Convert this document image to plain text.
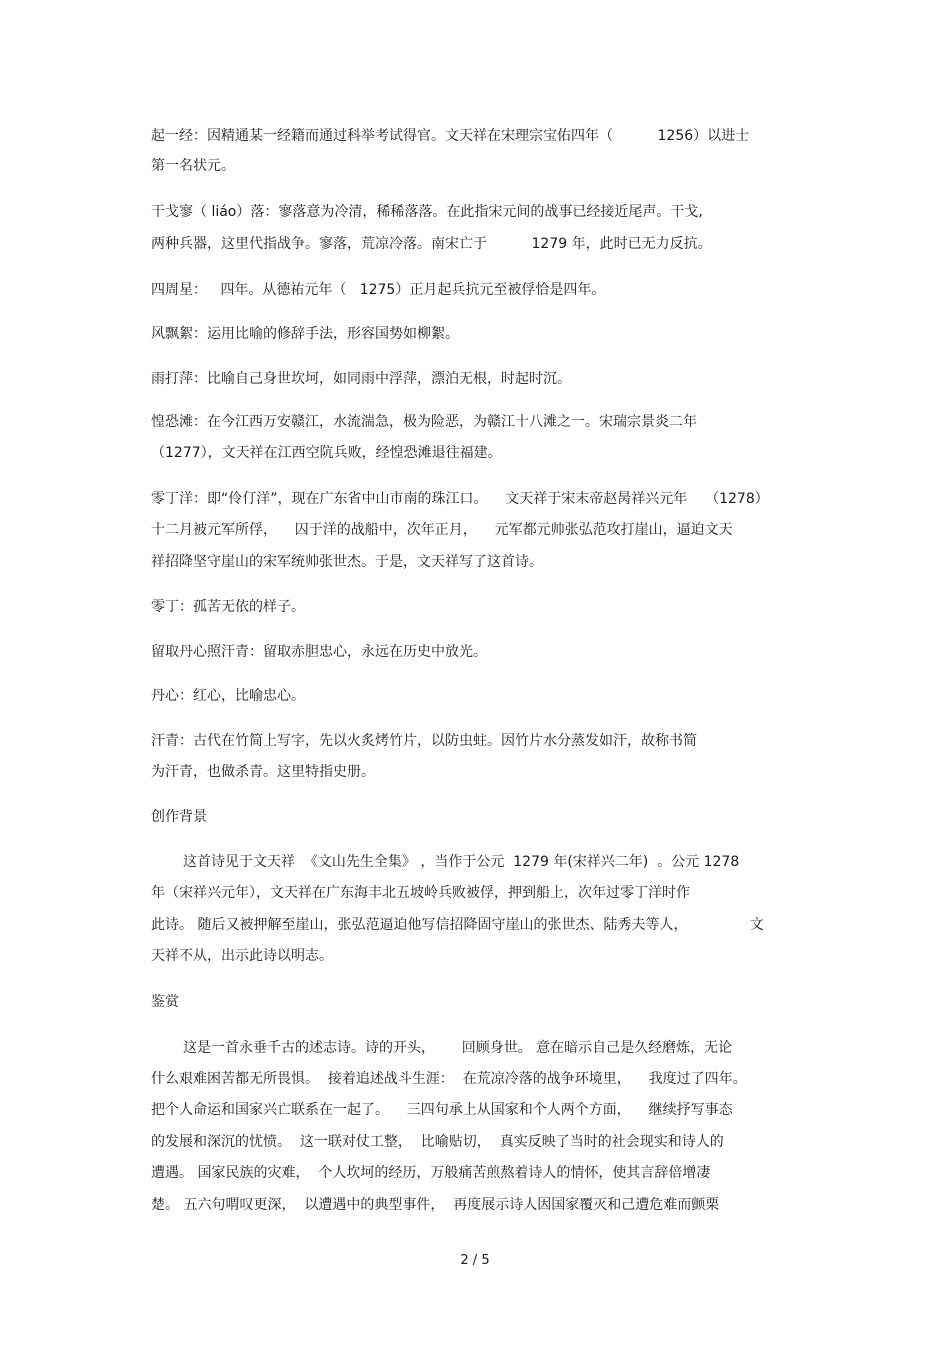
起一经：因精通某一经籍而通过科举考试得官。文天祥在宋理宗宝佑四年（          1256）以进士
第一名状元。
干戈寥（ liáo）落：寥落意为冷清，稀稀落落。在此指宋元间的战事已经接近尾声。干戈,
两种兵器，这里代指战争。寥落，荒凉冷落。南宋亡于          1279 年，此时已无力反抗。
四周星：   四年。从德祐元年（   1275）正月起兵抗元至被俘恰是四年。
风飘絮：运用比喻的修辞手法，形容国势如柳絮。
雨打萍：比喻自己身世坎坷，如同雨中浮萍，漂泊无根，时起时沉。
惶恐滩：在今江西万安赣江，水流湍急，极为险恶，为赣江十八滩之一。宋瑞宗景炎二年
（1277），文天祥在江西空阬兵败，经惶恐滩退往福建。
零丁洋：即“伶仃洋”，现在广东省中山市南的珠江口。    文天祥于宋末帝赵昺祥兴元年    （1278）
十二月被元军所俘，    囚于洋的战船中，次年正月，    元军都元帅张弘范攻打崖山，逼迫文天
祥招降坚守崖山的宋军统帅张世杰。于是，文天祥写了这首诗。
零丁：孤苦无依的样子。
留取丹心照汗青：留取赤胆忠心，永远在历史中放光。
丹心：红心，比喻忠心。
汗青：古代在竹简上写字，先以火炙烤竹片，以防虫蛀。因竹片水分蒸发如汗，故称书简
为汗青，也做杀青。这里特指史册。
创作背景
这首诗见于文天祥  《文山先生全集》 ，当作于公元  1279 年(宋祥兴二年)  。公元 1278
年（宋祥兴元年），文天祥在广东海丰北五坡岭兵败被俘，押到船上，次年过零丁洋时作
此诗。 随后又被押解至崖山，张弘范逼迫他写信招降固守崖山的张世杰、陆秀夫等人，              文
天祥不从，出示此诗以明志。
鉴赏
这是一首永垂千古的述志诗。诗的开头，      回顾身世。 意在暗示自己是久经磨炼，无论
什么艰难困苦都无所畏惧。  接着追述战斗生涯：  在荒凉冷落的战争环境里，    我度过了四年。
把个人命运和国家兴亡联系在一起了。    三四句承上从国家和个人两个方面，    继续抒写事态
的发展和深沉的忧愤。  这一联对仗工整，  比喻贴切，  真实反映了当时的社会现实和诗人的
遭遇。 国家民族的灾难，  个人坎坷的经历，万般痛苦煎熬着诗人的情怀，使其言辞倍增凄
楚。 五六句喟叹更深，  以遭遇中的典型事件，  再度展示诗人因国家覆灭和己遭危难而颤栗
2 / 5
